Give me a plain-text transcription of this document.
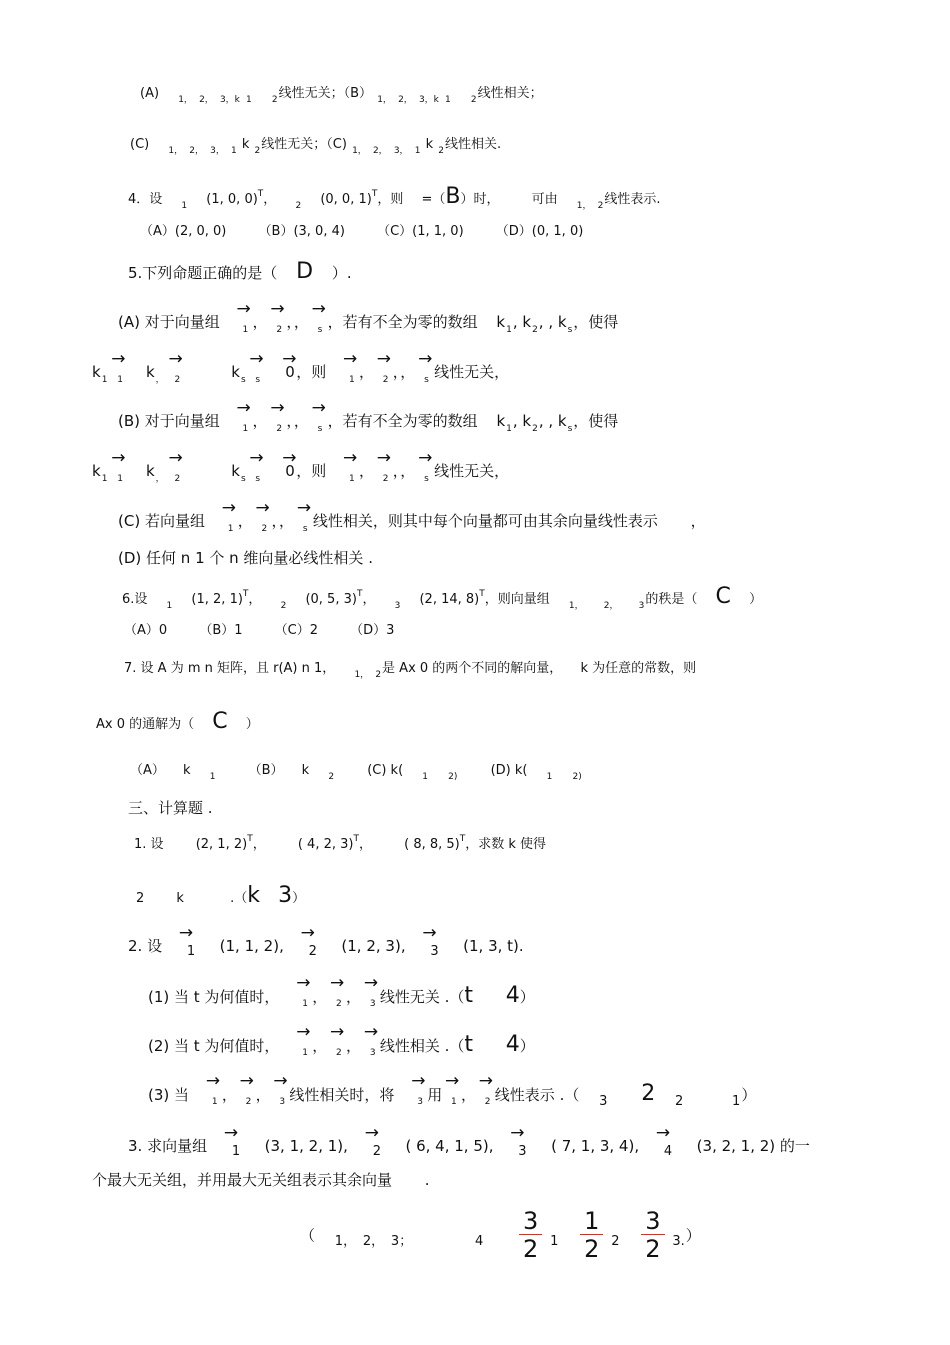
(A) $_{1,}$ $_{2,}$ $_{3,k}$ $_1$ $_2$线性无关；（B） $_{1,}$ $_{2,}$ $_{3,k}$ $_1$ $_2$线性相关；
(C) $_{1,}$ $_{2,}$ $_{3,}$ $_1$ k $_2$线性无关；（C) $_{1,}$ $_{2,}$ $_{3,}$ $_1$ k $_2$线性相关.
4．设 $_1$ (1, 0, 0)$^T$， $_2$ (0, 0, 1)$^T$，则 =（B）时， 可由 $_{1,}$ $_2$线性表示.
（A）(2, 0, 0) （B）(3, 0, 4) （C）(1, 1, 0) （D）(0, 1, 0)
5.下列命题正确的是（ D ）.
(A) 对于向量组
→	1 ，
→ 2 ，，
→ s ，若有不全为零的数组 $k_1$, $k_2$, , $k_s$，使得
$k_1$
→ 1 $k_,$
→ 2	$k_s$
→ s

→ 0 ，则
→	1 ，
→ 2 ，，
→ s 线性无关，
(B) 对于向量组
→	1 ，
→ 2 ，，
→ s ，若有不全为零的数组 $k_1$, $k_2$, , $k_s$，使得
$k_1$
→ 1 $k_,$
→ 2	$k_s$
→ s

→ 0 ，则
→	1 ，
→ 2 ，，
→ s 线性无关，
(C) 若向量组
→	1 ，
→ 2 ，，
→ s 线性相关，则其中每个向量都可由其余向量线性表示 ，
(D) 任何 n 1 个 n 维向量必线性相关 .
6.设 $_1$ (1, 2, 1)$^T$， $_2$ (0, 5, 3)$^T$， $_3$ (2, 14, 8)$^T$，则向量组 $_{1,}$ $_{2,}$ $_3$的秩是（ C ）
（A）0 （B）1 （C）2 （D）3
7. 设 A 为 m n 矩阵，且 r(A) n 1， $_{1,}$ $_2$是 Ax 0 的两个不同的解向量， k 为任意的常数，则
Ax 0 的通解为（ C ）
（A） k $_1$	（B） k $_2$	(C) k( $_1$ $_{2)}$	(D) k( $_1$ $_{2)}$
三、计算题 .
1. 设 (2, 1, 2)$^T$， ( 4, 2, 3)$^T$， ( 8, 8, 5)$^T$，求数 k 使得
2 k	.（k 3）
2. 设
→ 1 (1, 1, 2),
→ 2 (1, 2, 3),
→ 3 (1, 3, t).
(1) 当 t 为何值时，
→	1 ，
→ 2 ，
→ 3 线性无关 .（t 4）
(2) 当 t 为何值时，
→	1 ，
→ 2 ，
→ 3 线性相关 .（t 4）
(3) 当
→	1 ，
→ 2 ，
→ 3 线性相关时，将
→	3 用
→ 1 ，
→ 2 线性表示 .（ 3 2 2	1）
3. 求向量组
→ 1 (3, 1, 2, 1),
→ 2 ( 6, 4, 1, 5),
→ 3 ( 7, 1, 3, 4),
→ 4 (3, 2, 1, 2) 的一
个最大无关组，并用最大无关组表示其余向量 .
（ 1， 2， 3；	$4 \frac{3}{2} 1 \frac{1}{2} 2 \frac{3}{2} 3$.）
